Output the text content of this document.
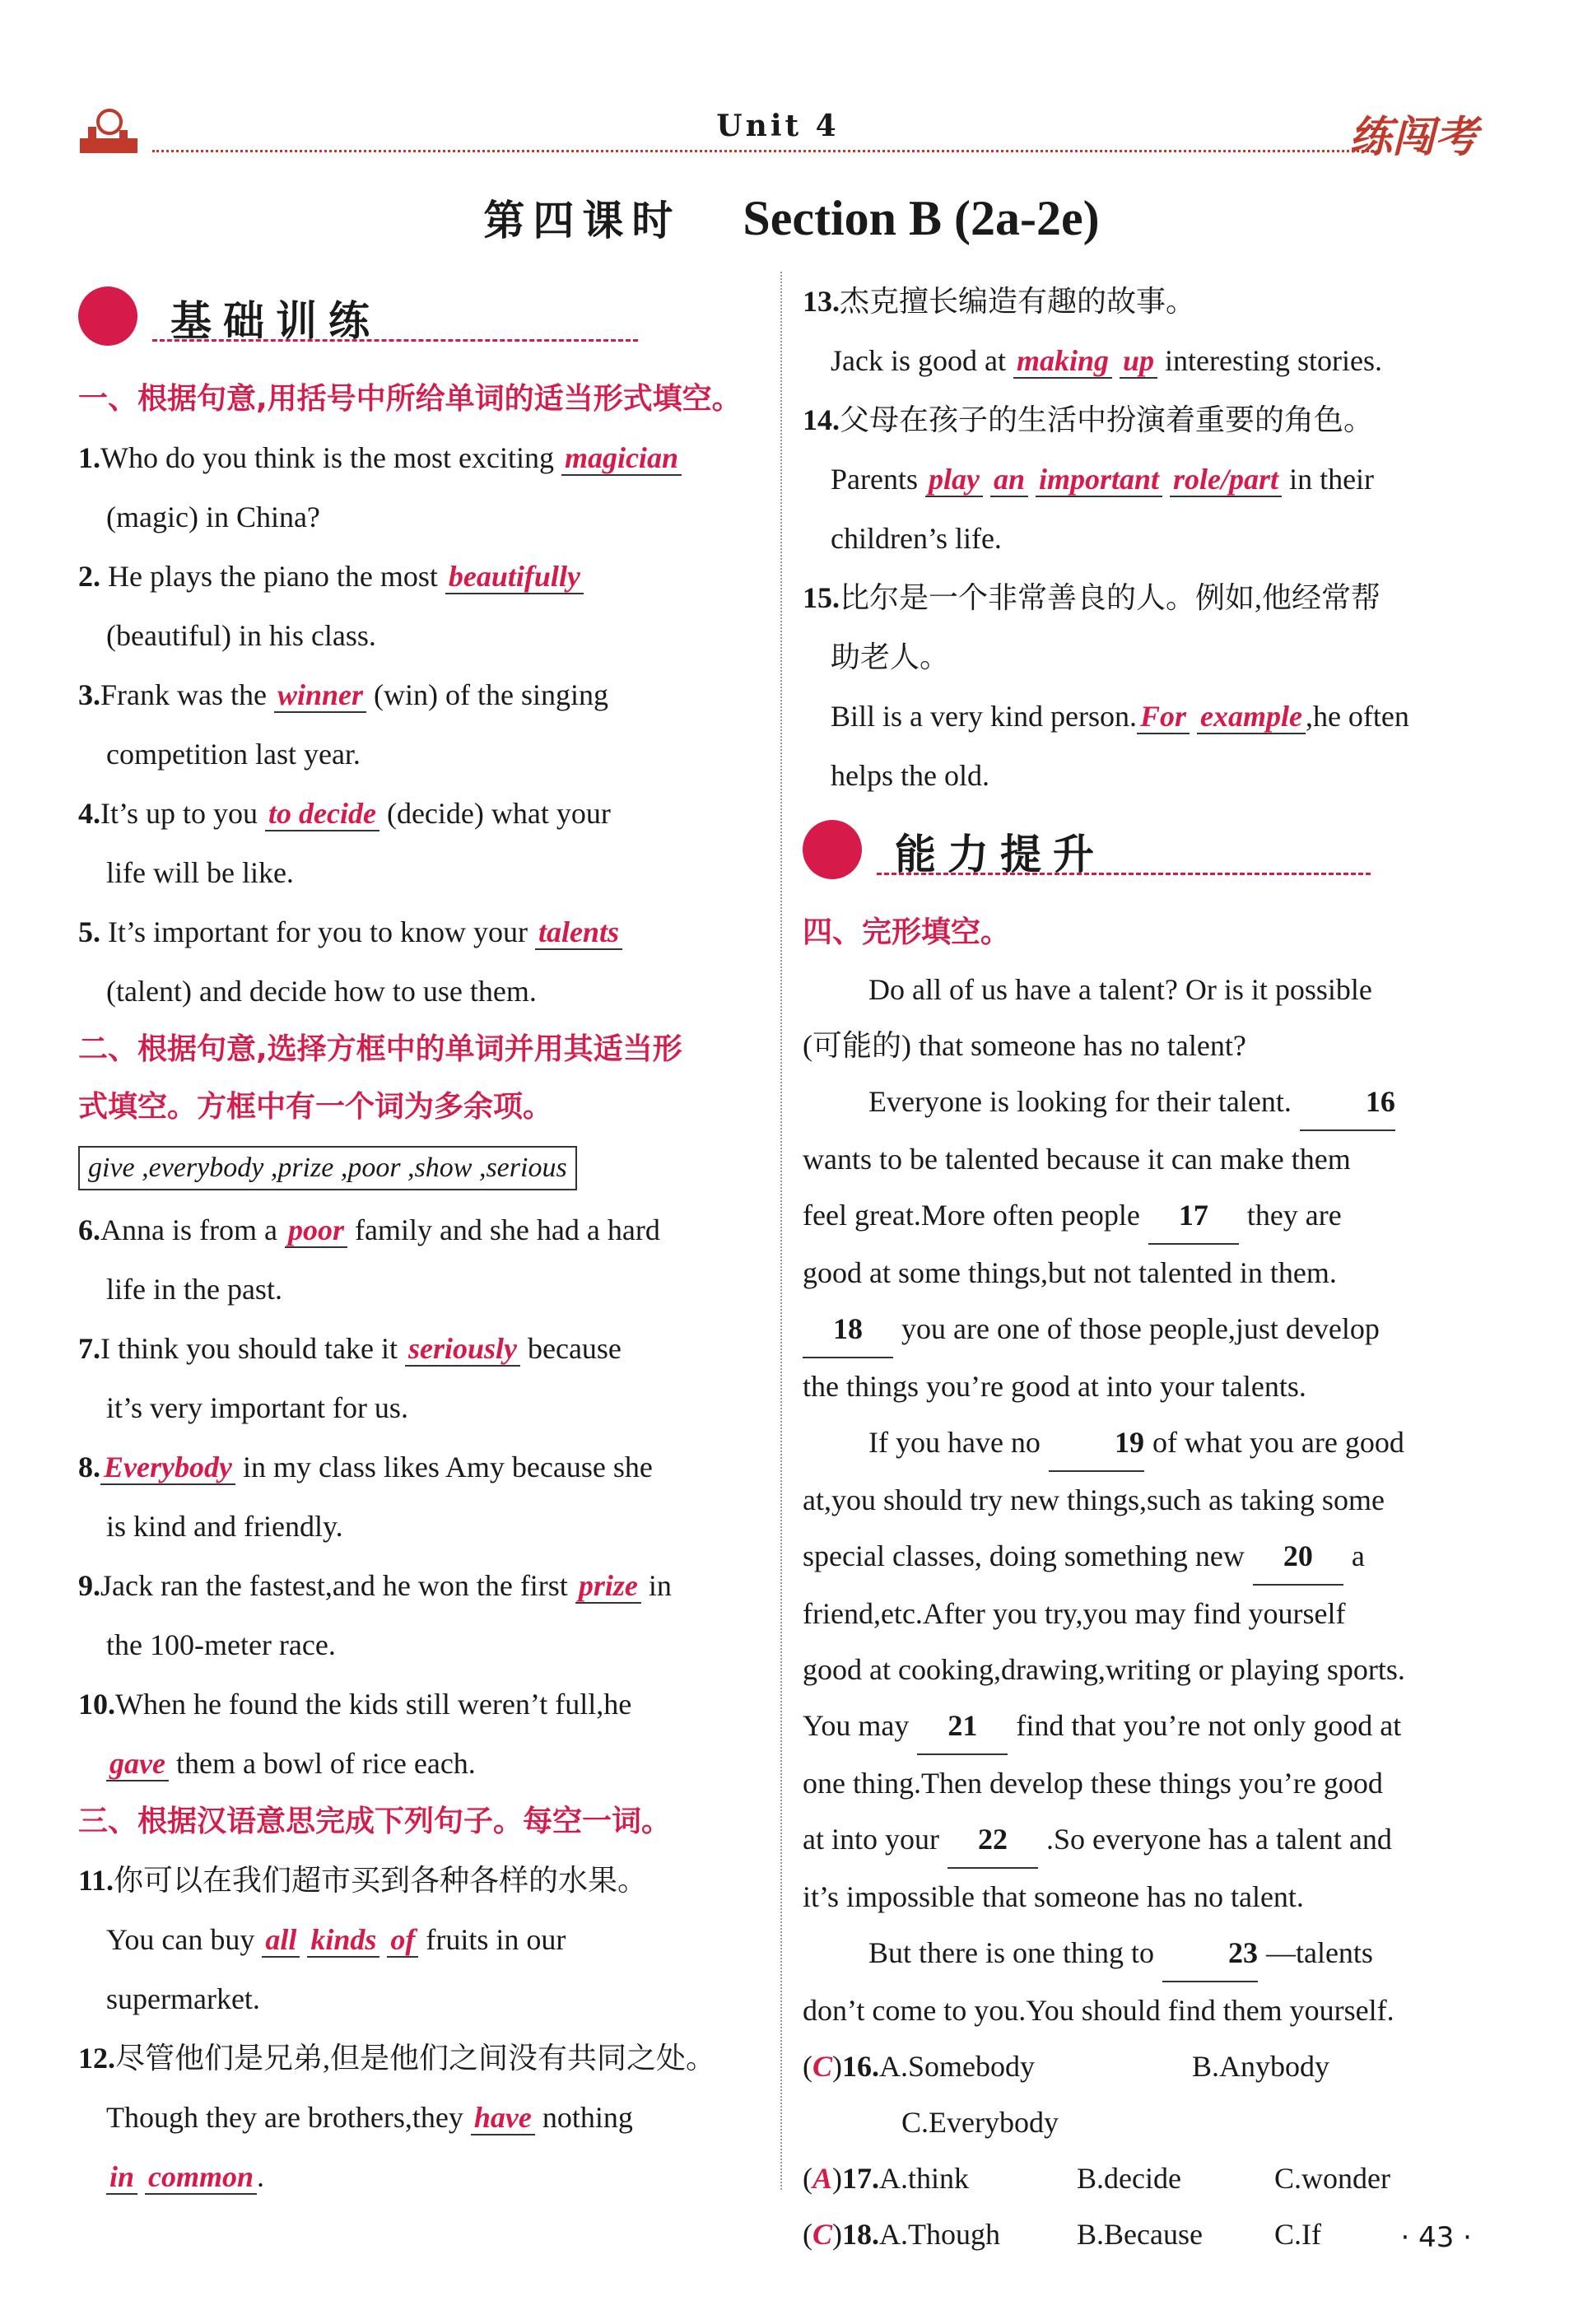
Unit 4	练闯考
第四课时 Section B (2a-2e)
基础训练

一、根据句意,用括号中所给单词的适当形式填空。

1.Who do you think is the most exciting magician

(magic) in China?

2. He plays the piano the most beautifully

(beautiful) in his class.

3.Frank was the winner (win) of the singing

competition last year.

4.It’s up to you to decide (decide) what your

life will be like.

5. It’s important for you to know your talents

(talent) and decide how to use them.

二、根据句意,选择方框中的单词并用其适当形

式填空。方框中有一个词为多余项。

give ,everybody ,prize ,poor ,show ,serious

6.Anna is from a poor family and she had a hard

life in the past.

7.I think you should take it seriously because

it’s very important for us.

8. Everybody in my class likes Amy because she

is kind and friendly.

9.Jack ran the fastest,and he won the first prize in

the 100-meter race.

10.When he found the kids still weren’t full,he

gave them a bowl of rice each.

三、根据汉语意思完成下列句子。每空一词。

11.你可以在我们超市买到各种各样的水果。

You can buy all kinds of fruits in our

supermarket.

12.尽管他们是兄弟,但是他们之间没有共同之处。

Though they are brothers,they have nothing

in common .

13.杰克擅长编造有趣的故事。

Jack is good at making up interesting stories.

14.父母在孩子的生活中扮演着重要的角色。

Parents play an important role/part in their

children’s life.

15.比尔是一个非常善良的人。例如,他经常帮

助老人。

Bill is a very kind person. For example ,he often

helps the old.

能力提升

四、完形填空。

Do all of us have a talent? Or is it possible

(可能的) that someone has no talent?

Everyone is looking for their talent.	16

wants to be talented because it can make them

feel great.More often people 17 they are

good at some things,but not talented in them.

18 you are one of those people,just develop

the things you’re good at into your talents.

If you have no	19 of what you are good

at,you should try new things,such as taking some

special classes, doing something new 20 a

friend,etc.After you try,you may find yourself

good at cooking,drawing,writing or playing sports.

You may 21 find that you’re not only good at

one thing.Then develop these things you’re good

at into your 22 .So everyone has a talent and

it’s impossible that someone has no talent.

But there is one thing to	23 —talents

don’t come to you.You should find them yourself.

(C)16.A.Somebody	B.Anybody

C.Everybody

(A)17.A.think	B.decide	C.wonder

(C)18.A.Though	B.Because C.If	· 43 ·
